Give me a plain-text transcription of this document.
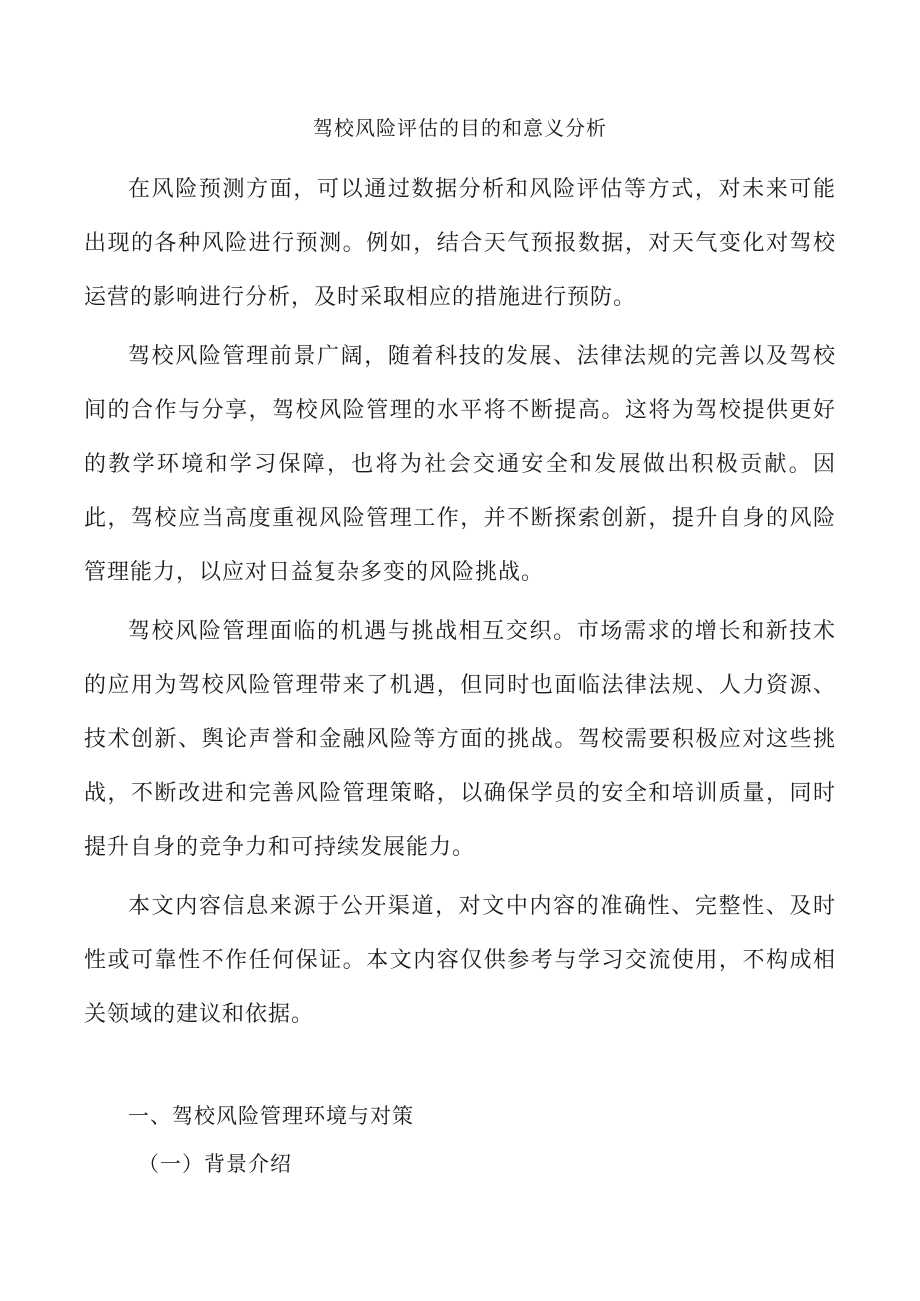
驾校风险评估的目的和意义分析

在风险预测方面，可以通过数据分析和风险评估等方式，对未来可能出现的各种风险进行预测。例如，结合天气预报数据，对天气变化对驾校运营的影响进行分析，及时采取相应的措施进行预防。

驾校风险管理前景广阔，随着科技的发展、法律法规的完善以及驾校间的合作与分享，驾校风险管理的水平将不断提高。这将为驾校提供更好的教学环境和学习保障，也将为社会交通安全和发展做出积极贡献。因此，驾校应当高度重视风险管理工作，并不断探索创新，提升自身的风险管理能力，以应对日益复杂多变的风险挑战。

驾校风险管理面临的机遇与挑战相互交织。市场需求的增长和新技术的应用为驾校风险管理带来了机遇，但同时也面临法律法规、人力资源、技术创新、舆论声誉和金融风险等方面的挑战。驾校需要积极应对这些挑战，不断改进和完善风险管理策略，以确保学员的安全和培训质量，同时提升自身的竞争力和可持续发展能力。

本文内容信息来源于公开渠道，对文中内容的准确性、完整性、及时性或可靠性不作任何保证。本文内容仅供参考与学习交流使用，不构成相关领域的建议和依据。

一、驾校风险管理环境与对策
（一）背景介绍
